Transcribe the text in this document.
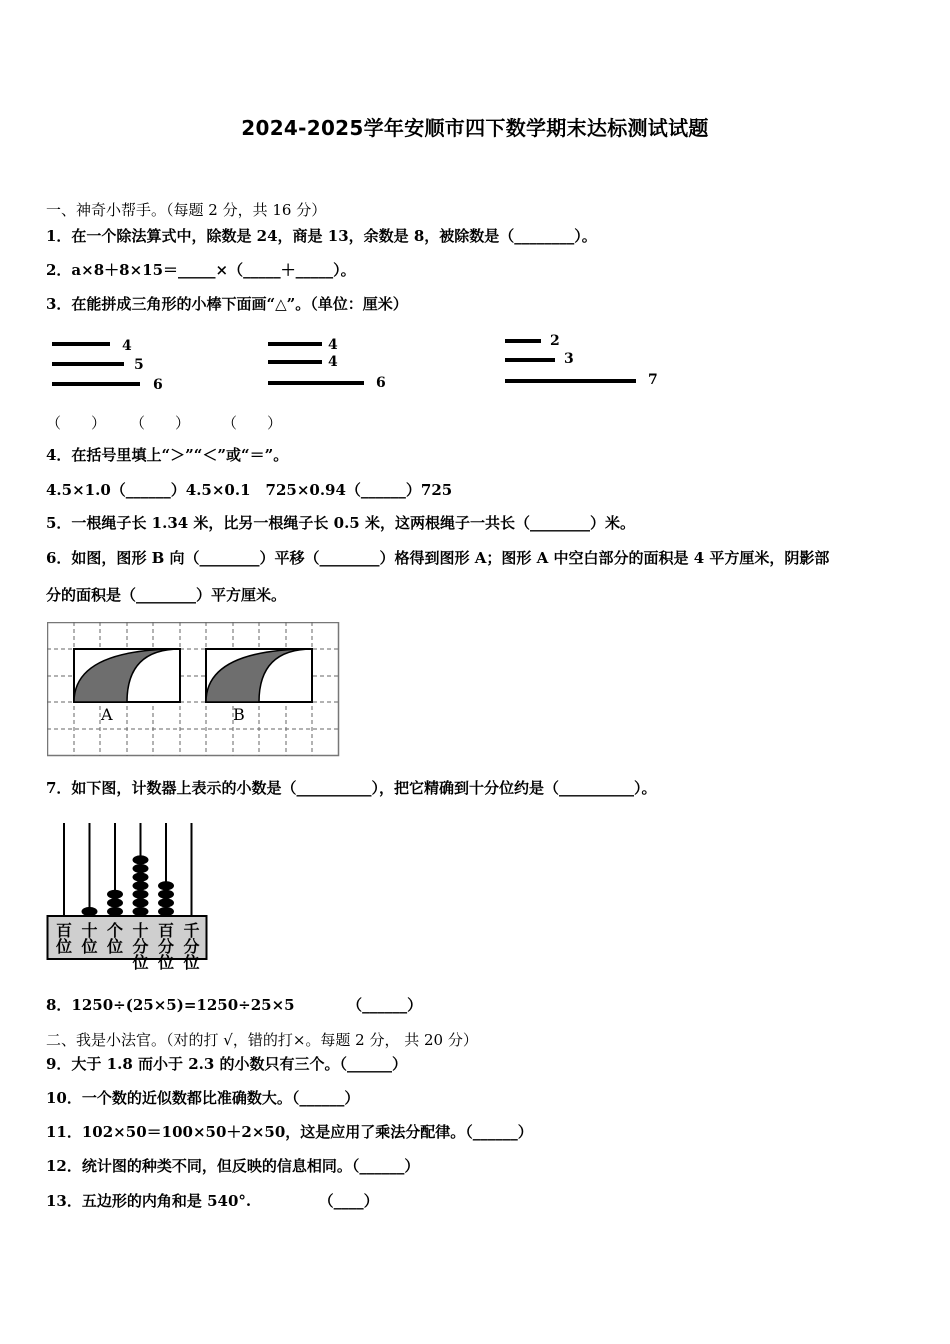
2024-2025学年安顺市四下数学期末达标测试试题
一、神奇小帮手。（每题 2 分，共 16 分）
1．在一个除法算式中，除数是 24，商是 13，余数是 8，被除数是（________）。
2．a×8＋8×15＝_____×（_____＋_____）。
3．在能拼成三角形的小棒下面画“△”。（单位：厘米）
4
5
6
4
4
6
2
3
7
（　　） （　　） （　　）
4．在括号里填上“＞”“＜”或“＝”。
4.5×1.0（______）4.5×0.1　725×0.94（______）725
5．一根绳子长 1.34 米，比另一根绳子长 0.5 米，这两根绳子一共长（________）米。
6．如图，图形 B 向（________）平移（________）格得到图形 A；图形 A 中空白部分的面积是 4 平方厘米，阴影部
分的面积是（________）平方厘米。
A	B
7．如下图，计数器上表示的小数是（__________），把它精确到十分位约是（__________）。
百位
十位
个位
十分位
百分位
千分位
8．1250÷(25×5)=1250÷25×5　　　　（______）
二、我是小法官。（对的打 √，错的打×。每题 2 分， 共 20 分）
9．大于 1.8 而小于 2.3 的小数只有三个。（______）
10．一个数的近似数都比准确数大。（______）
11．102×50＝100×50＋2×50，这是应用了乘法分配律。（______）
12．统计图的种类不同，但反映的信息相同。（______）
13．五边形的内角和是 540°.　　　　　（____）
